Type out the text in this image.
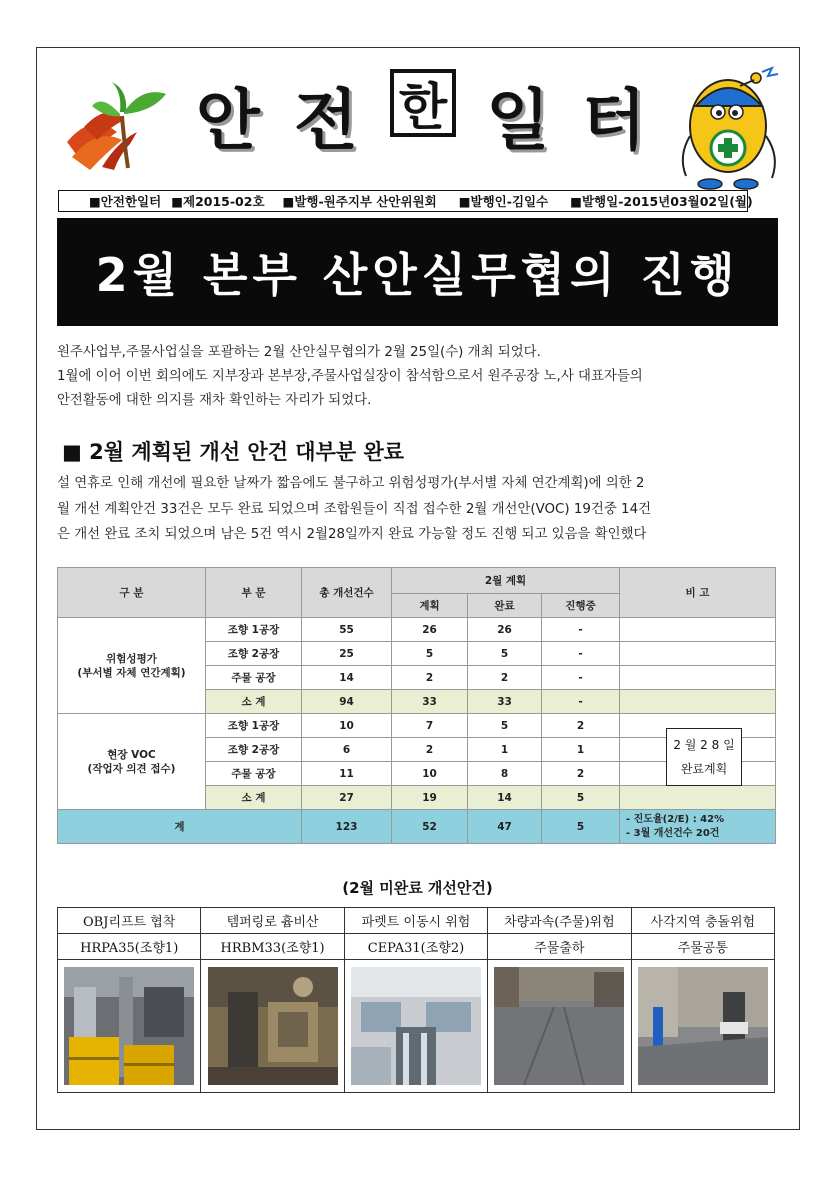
안 전 한 일 터
■안전한일터 ■제2015-02호 ■발행-원주지부 산안위원회 ■발행인-김일수 ■발행일-2015년03월02일(월)
2월 본부 산안실무협의 진행
원주사업부,주물사업실을 포괄하는 2월 산안실무협의가 2월 25일(수) 개최 되었다.
1월에 이어 이번 회의에도 지부장과 본부장,주물사업실장이 참석함으로서 원주공장 노,사 대표자들의
안전활동에 대한 의지를 재차 확인하는 자리가 되었다.
■ 2월 계획된 개선 안건 대부분 완료
설 연휴로 인해 개선에 필요한 날짜가 짧음에도 불구하고 위험성평가(부서별 자체 연간계획)에 의한 2
월 개선 계획안건 33건은 모두 완료 되었으며 조합원들이 직접 접수한 2월 개선안(VOC) 19건중 14건
은 개선 완료 조치 되었으며 남은 5건 역시 2월28일까지 완료 가능할 정도 진행 되고 있음을 확인했다
구 분	부 문	총 개선건수	2월 계획			비 고
			계획	완료	진행중	

위험성평가
(부서별 자체 연간계획)	조향 1공장	55	26	26	-	
	조향 2공장	25	5	5	-	
	주물 공장	14	2	2	-	
	소 계	94	33	33	-	

현장 VOC
(작업자 의견 접수)	조향 1공장	10	7	5	2	
	조향 2공장	6	2	1	1	
	주물 공장	11	10	8	2	
	소 계	27	19	14	5	
계		123	52	47	5	- 진도율(2/E) : 42%
- 3월 개선건수 20건
2 월 2 8 일
완료계획
(2월 미완료 개선안건)
OBJ리프트 협착	템퍼링로 흄비산	파렛트 이동시 위험	차량과속(주물)위험	사각지역 충돌위험
HRPA35(조향1)	HRBM33(조향1)	CEPA31(조향2)	주물출하	주물공통
